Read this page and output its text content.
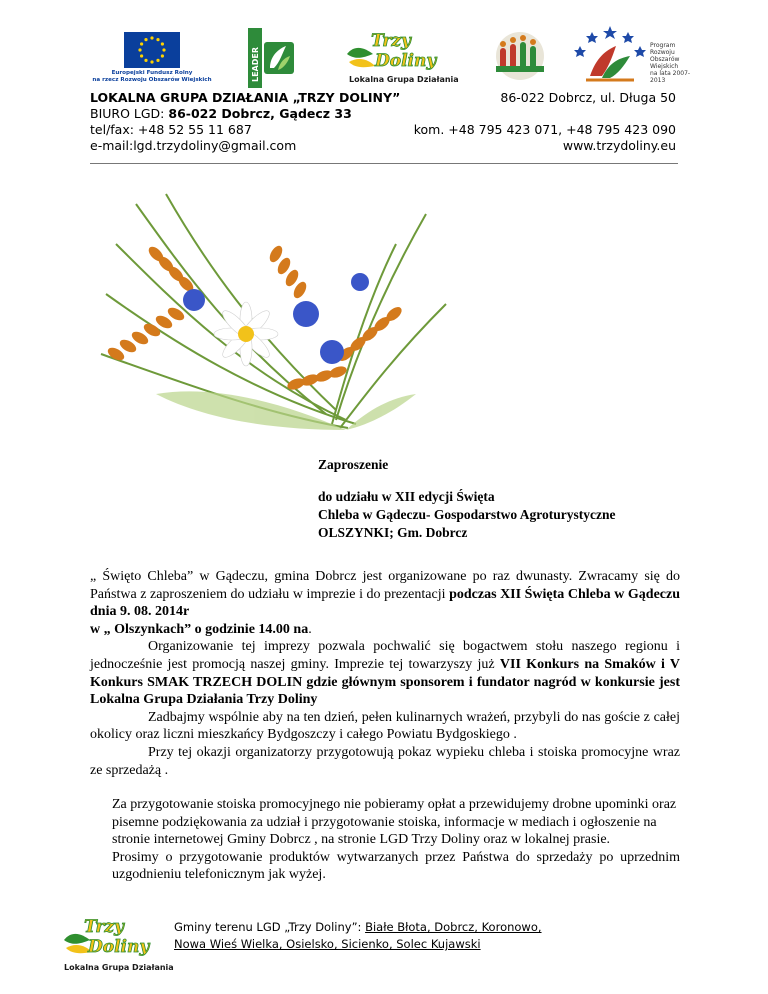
Europejski Fundusz Rolny
na rzecz Rozwoju Obszarów Wiejskich	LEADER
Trzy
Doliny
Lokalna Grupa Działania
Program
Rozwoju
Obszarów
Wiejskich
na lata 2007-2013
LOKALNA GRUPA DZIAŁANIA „TRZY DOLINY”
BIURO LGD: 86-022 Dobrcz, Gądecz 33
tel/fax: +48 52 55 11 687
e-mail:lgd.trzydoliny@gmail.com
86-022 Dobrcz, ul. Długa 50
kom. +48 795 423 071, +48 795 423 090
www.trzydoliny.eu
Zaproszenie
do udziału w XII edycji Święta
Chleba w Gądeczu- Gospodarstwo Agroturystyczne
OLSZYNKI; Gm. Dobrcz

„ Święto Chleba” w Gądeczu, gmina Dobrcz jest organizowane po raz dwunasty. Zwracamy się do Państwa z zaproszeniem do udziału w imprezie i do prezentacji podczas XII Święta Chleba w Gądeczu dnia 9. 08. 2014r
w „ Olszynkach” o godzinie 14.00 na.

Organizowanie tej imprezy pozwala pochwalić się bogactwem stołu naszego regionu i jednocześnie jest promocją naszej gminy. Imprezie tej towarzyszy już VII Konkurs na Smaków i V Konkurs SMAK TRZECH DOLIN gdzie głównym sponsorem i fundator nagród w konkursie jest Lokalna Grupa Działania Trzy Doliny

Zadbajmy wspólnie aby na ten dzień, pełen kulinarnych wrażeń, przybyli do nas goście z całej okolicy oraz liczni mieszkańcy Bydgoszczy i całego Powiatu Bydgoskiego .

Przy tej okazji organizatorzy przygotowują pokaz wypieku chleba i stoiska promocyjne wraz ze sprzedażą .

Za przygotowanie stoiska promocyjnego nie pobieramy opłat a przewidujemy drobne upominki oraz pisemne podziękowania za udział i przygotowanie stoiska, informacje w mediach i ogłoszenie na stronie internetowej Gminy Dobrcz , na stronie LGD Trzy Doliny oraz w lokalnej prasie.

Prosimy o przygotowanie produktów wytwarzanych przez Państwa do sprzedaży po uprzednim uzgodnieniu telefonicznym jak wyżej.

Trzy
Doliny
Lokalna Grupa Działania
Gminy terenu LGD „Trzy Doliny”: Białe Błota, Dobrcz, Koronowo,
Nowa Wieś Wielka, Osielsko, Sicienko, Solec Kujawski
